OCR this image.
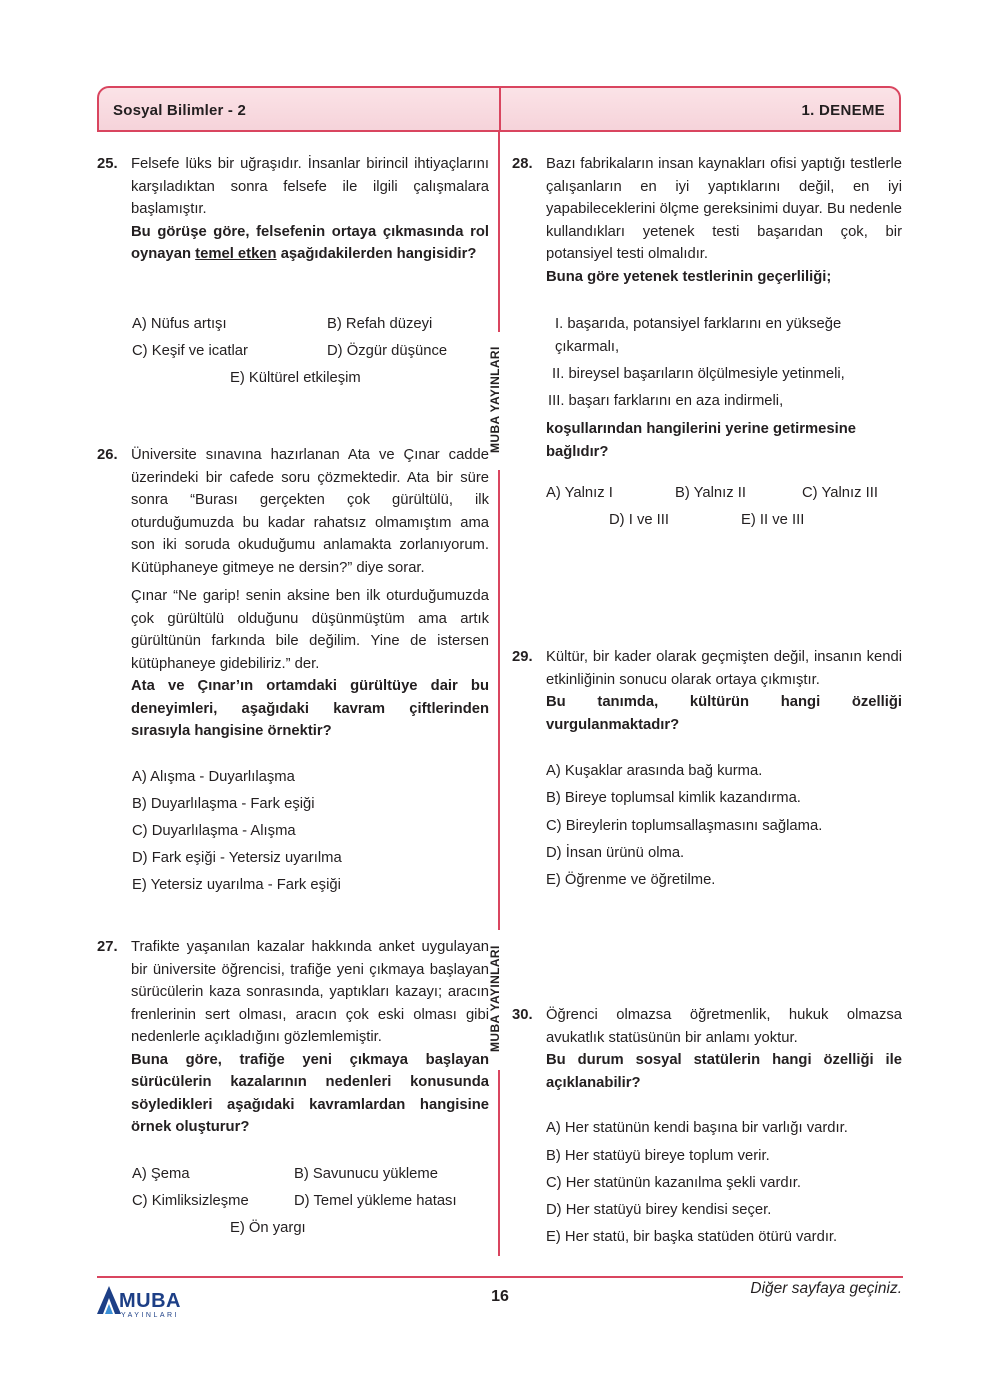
Sosyal Bilimler - 2	1. DENEME
MUBA YAYINLARI
MUBA YAYINLARI
25. Felsefe lüks bir uğraşıdır. İnsanlar birincil ihtiyaçlarını karşıladıktan sonra felsefe ile ilgili çalışmalara başlamıştır.

Bu görüşe göre, felsefenin ortaya çıkmasında rol oynayan temel etken aşağıdakilerden hangisidir?

A) Nüfus artışı	B) Refah düzeyi
C) Keşif ve icatlar	D) Özgür düşünce
E) Kültürel etkileşim
26. Üniversite sınavına hazırlanan Ata ve Çınar cadde üzerindeki bir cafede soru çözmektedir. Ata bir süre sonra “Burası gerçekten çok gürültülü, ilk oturduğumuzda bu kadar rahatsız olmamıştım ama son iki soruda okuduğumu anlamakta zorlanıyorum. Kütüphaneye gitmeye ne dersin?” diye sorar.

Çınar “Ne garip! senin aksine ben ilk oturduğumuzda çok gürültülü olduğunu düşünmüştüm ama artık gürültünün farkında bile değilim. Yine de istersen kütüphaneye gidebiliriz.” der.

Ata ve Çınar’ın ortamdaki gürültüye dair bu deneyimleri, aşağıdaki kavram çiftlerinden sırasıyla hangisine örnektir?

A) Alışma - Duyarlılaşma
B) Duyarlılaşma - Fark eşiği
C) Duyarlılaşma - Alışma
D) Fark eşiği - Yetersiz uyarılma
E) Yetersiz uyarılma - Fark eşiği
27. Trafikte yaşanılan kazalar hakkında anket uygulayan bir üniversite öğrencisi, trafiğe yeni çıkmaya başlayan sürücülerin kaza sonrasında, yaptıkları kazayı; aracın frenlerinin sert olması, aracın çok eski olması gibi nedenlerle açıkladığını gözlemlemiştir.

Buna göre, trafiğe yeni çıkmaya başlayan sürücülerin kazalarının nedenleri konusunda söyledikleri aşağıdaki kavramlardan hangisine örnek oluşturur?

A) Şema	B) Savunucu yükleme
C) Kimliksizleşme	D) Temel yükleme hatası
E) Ön yargı
28. Bazı fabrikaların insan kaynakları ofisi yaptığı testlerle çalışanların en iyi yaptıklarını değil, en iyi yapabileceklerini ölçme gereksinimi duyar. Bu nedenle kullandıkları yetenek testi başarıdan çok, bir potansiyel testi olmalıdır.

Buna göre yetenek testlerinin geçerliliği;

I. başarıda, potansiyel farklarını en yükseğe çıkarmalı,
II. bireysel başarıların ölçülmesiyle yetinmeli,
III. başarı farklarını en aza indirmeli,

koşullarından hangilerini yerine getirmesine bağlıdır?

A) Yalnız I	B) Yalnız II	C) Yalnız III
D) I ve III	E) II ve III
29. Kültür, bir kader olarak geçmişten değil, insanın kendi etkinliğinin sonucu olarak ortaya çıkmıştır.

Bu tanımda, kültürün hangi özelliği vurgulanmaktadır?

A) Kuşaklar arasında bağ kurma.
B) Bireye toplumsal kimlik kazandırma.
C) Bireylerin toplumsallaşmasını sağlama.
D) İnsan ürünü olma.
E) Öğrenme ve öğretilme.
30. Öğrenci olmazsa öğretmenlik, hukuk olmazsa avukatlık statüsünün bir anlamı yoktur.

Bu durum sosyal statülerin hangi özelliği ile açıklanabilir?

A) Her statünün kendi başına bir varlığı vardır.
B) Her statüyü bireye toplum verir.
C) Her statünün kazanılma şekli vardır.
D) Her statüyü birey kendisi seçer.
E) Her statü, bir başka statüden ötürü vardır.
MUBA
YAYINLARI
16	Diğer sayfaya geçiniz.
